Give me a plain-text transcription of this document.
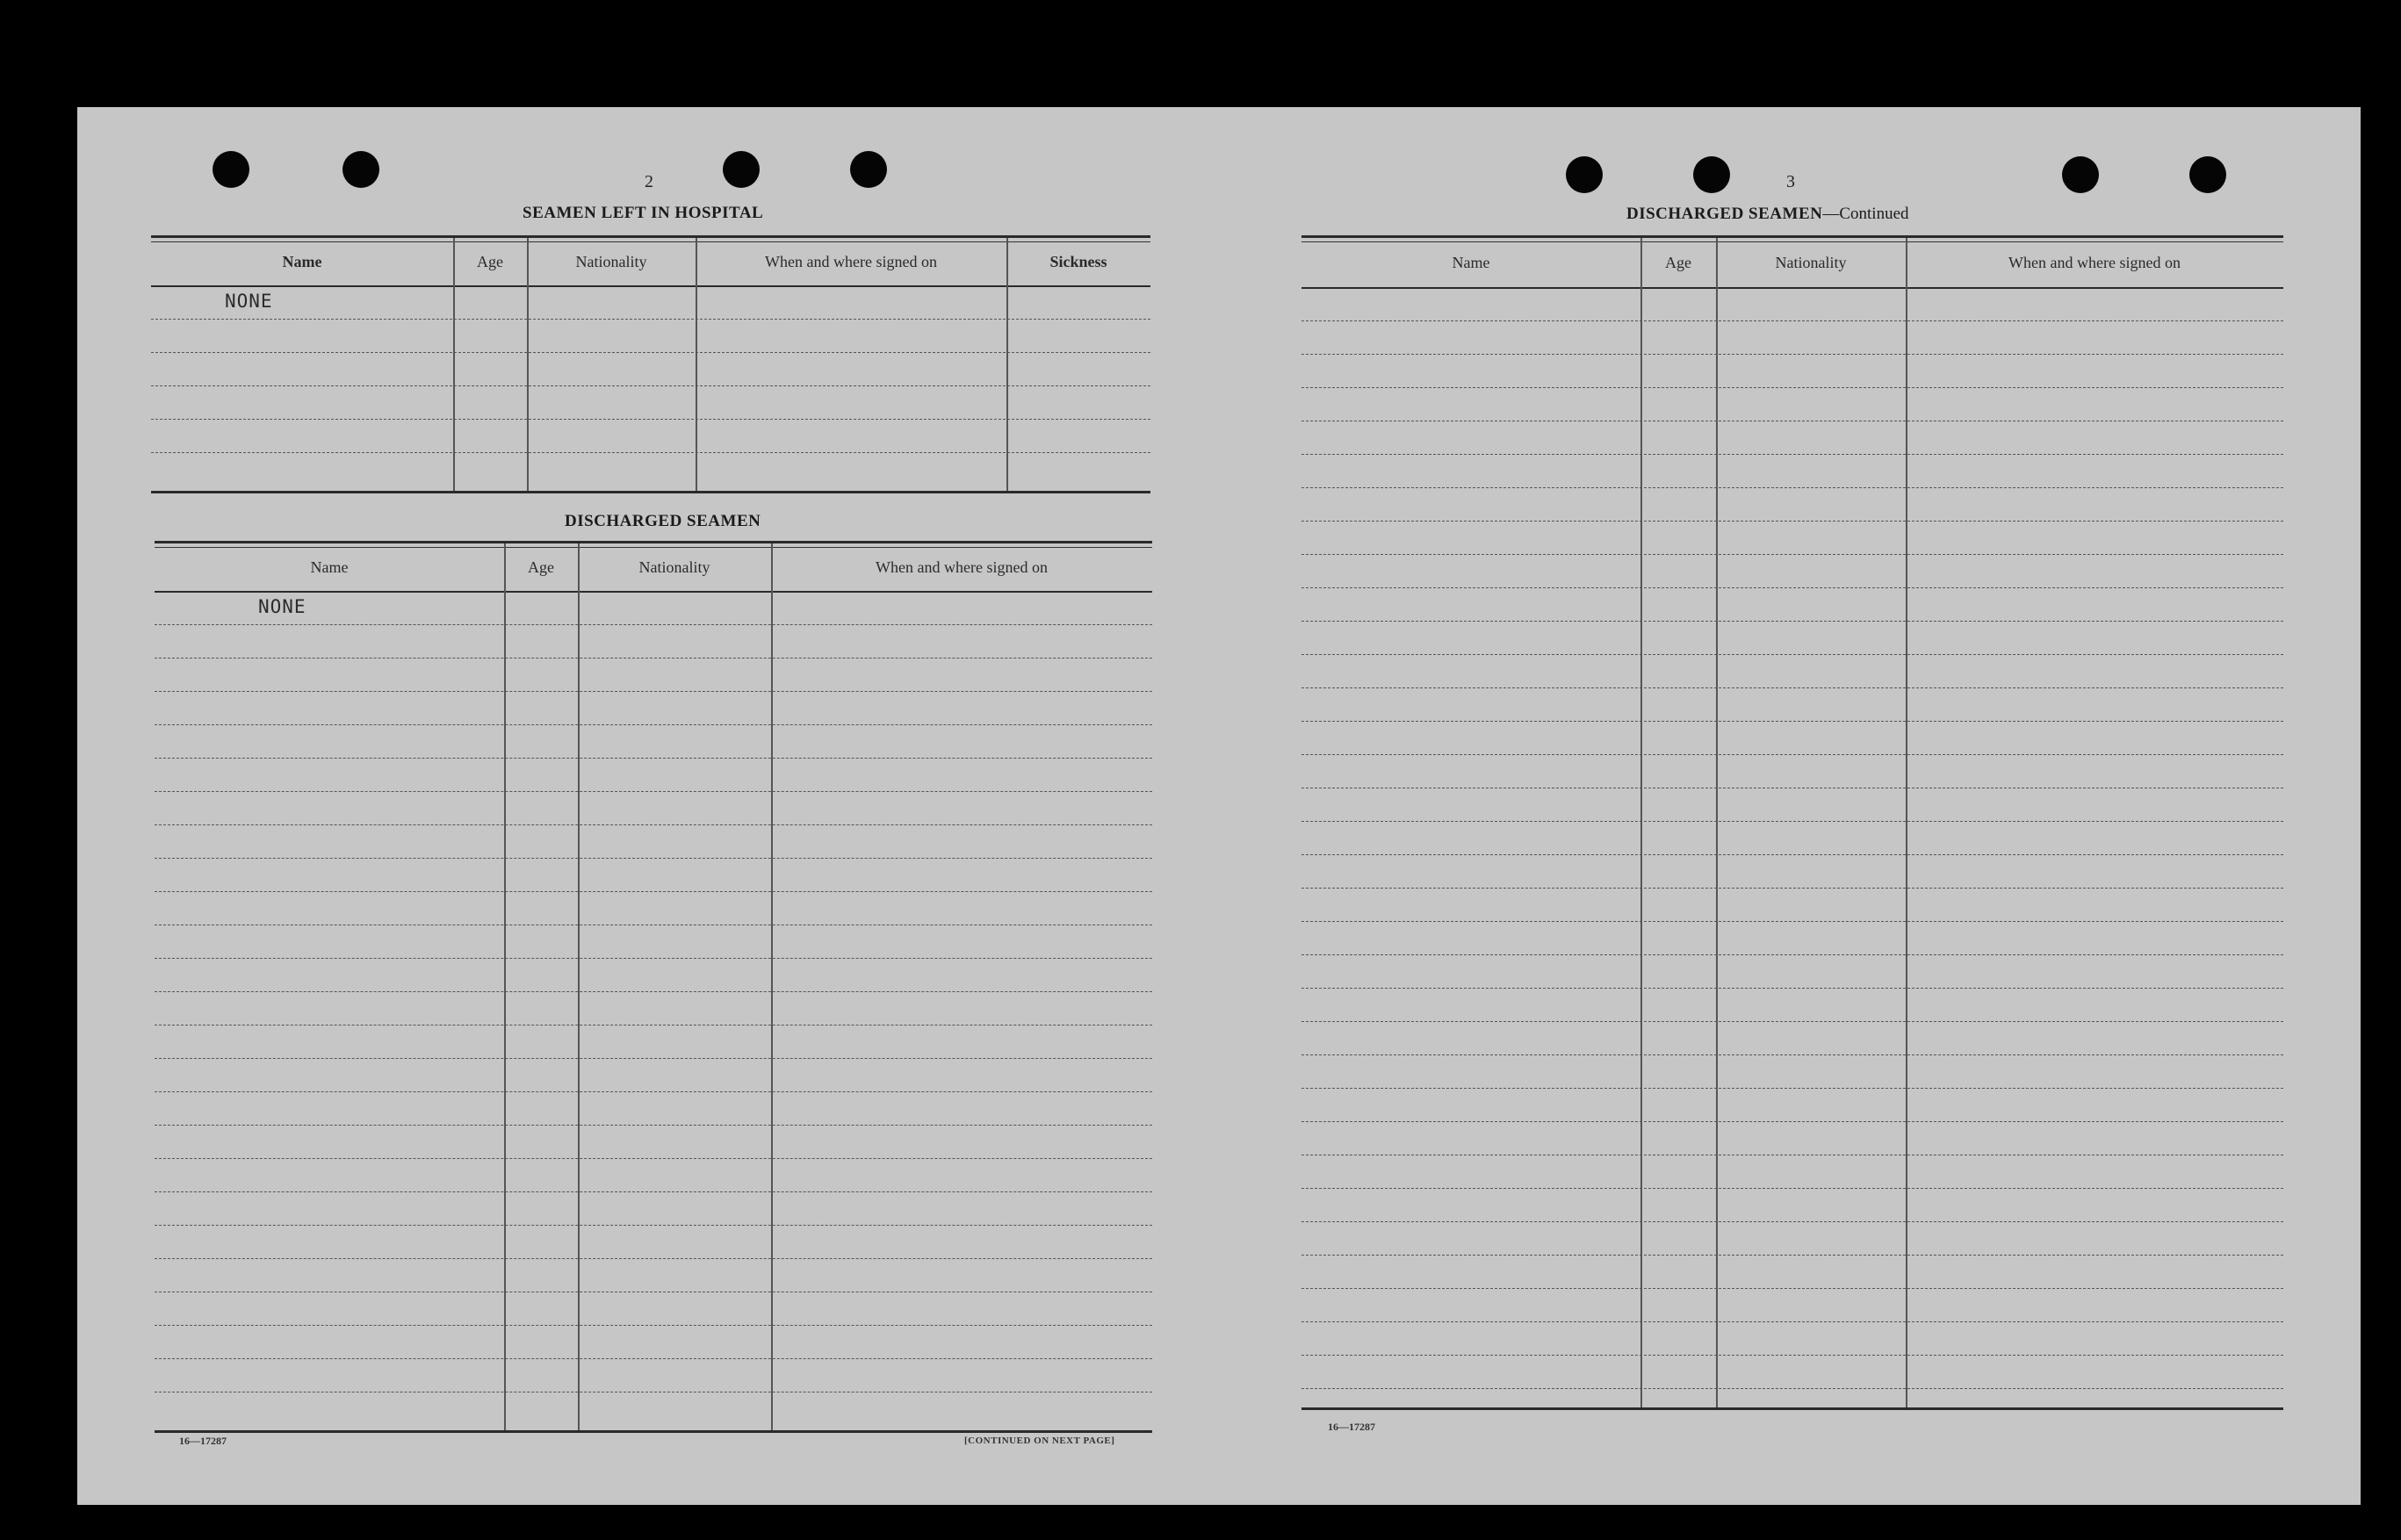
2
SEAMEN LEFT IN HOSPITAL
Name	Age	Nationality	When and where signed on	Sickness
NONE
DISCHARGED SEAMEN
Name	Age	Nationality	When and where signed on
NONE
16—17287	[CONTINUED ON NEXT PAGE]
3
DISCHARGED SEAMEN—Continued
Name	Age	Nationality	When and where signed on
16—17287
